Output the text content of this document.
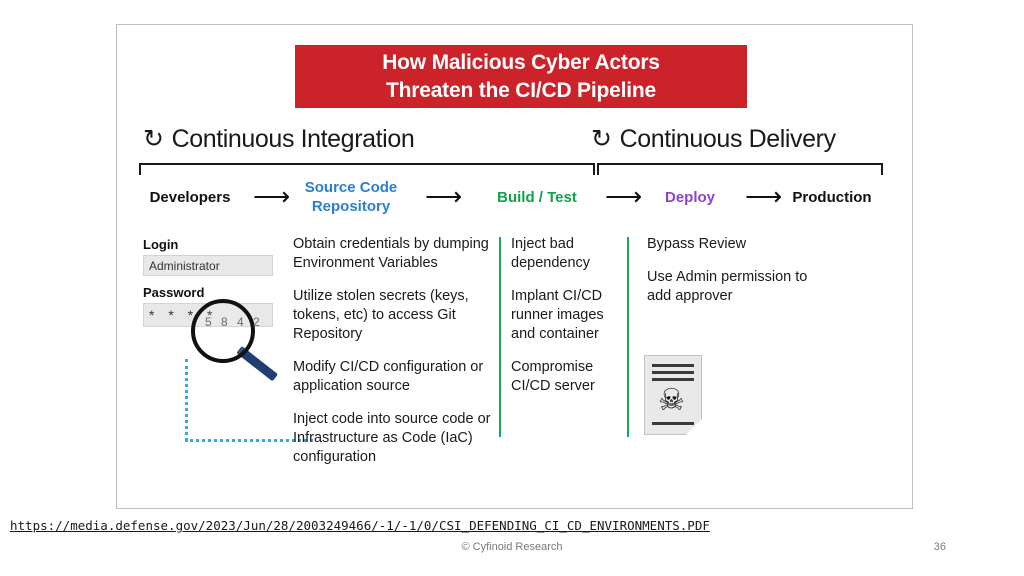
How Malicious Cyber Actors
Threaten the CI/CD Pipeline
↻ Continuous Integration	↻ Continuous Delivery
Developers ⟶ Source Code
Repository	⟶	Build / Test	⟶	Deploy	⟶ Production
Login
Administrator
Password
* * * *
5 8 4 2
Obtain credentials by dumping Environment Variables
Utilize stolen secrets (keys, tokens, etc) to access Git Repository
Modify CI/CD configuration or application source
Inject code into source code or Infrastructure as Code (IaC) configuration
Inject bad dependency
Implant CI/CD runner images and container
Compromise CI/CD server
Bypass Review
Use Admin permission to add approver
☠
https://media.defense.gov/2023/Jun/28/2003249466/-1/-1/0/CSI_DEFENDING_CI_CD_ENVIRONMENTS.PDF
© Cyfinoid Research	36
